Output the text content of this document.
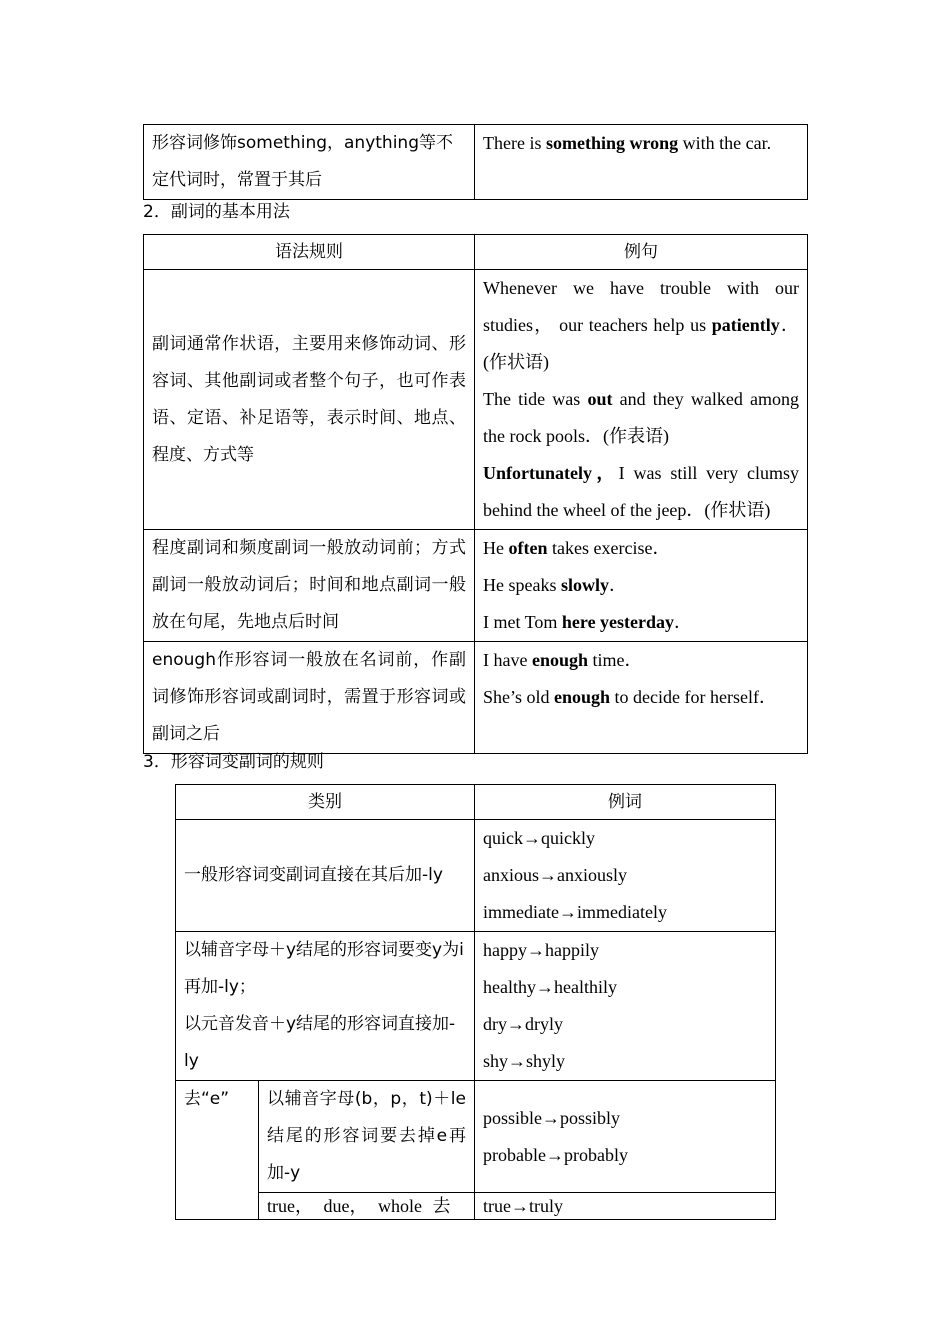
形容词修饰something，anything等不定代词时，常置于其后	There is something wrong with the car.
2．副词的基本用法
语法规则	例句
副词通常作状语，主要用来修饰动词、形容词、其他副词或者整个句子，也可作表语、定语、补足语等，表示时间、地点、程度、方式等	Whenever we have trouble with our studies， our teachers help us patiently．(作状语)
The tide was out and they walked among the rock pools．(作表语)
Unfortunately，I was still very clumsy behind the wheel of the jeep．(作状语)

程度副词和频度副词一般放动词前；方式副词一般放动词后；时间和地点副词一般放在句尾，先地点后时间	He often takes exercise．
He speaks slowly．
I met Tom here yesterday．

enough作形容词一般放在名词前，作副词修饰形容词或副词时，需置于形容词或副词之后	I have enough time．
She’s old enough to decide for herself．
3．形容词变副词的规则
类别		例词
一般形容词变副词直接在其后加-ly		quick→quickly
anxious→anxiously
immediate→immediately

以辅音字母＋y结尾的形容词要变y为i再加-ly；
以元音发音＋y结尾的形容词直接加-ly		happy→happily
healthy→healthily
dry→dryly
shy→shyly

去“e”	以辅音字母(b，p，t)＋le结尾的形容词要去掉e再加-y	possible→possibly
probable→probably

	true， due， whole 去	true→truly
